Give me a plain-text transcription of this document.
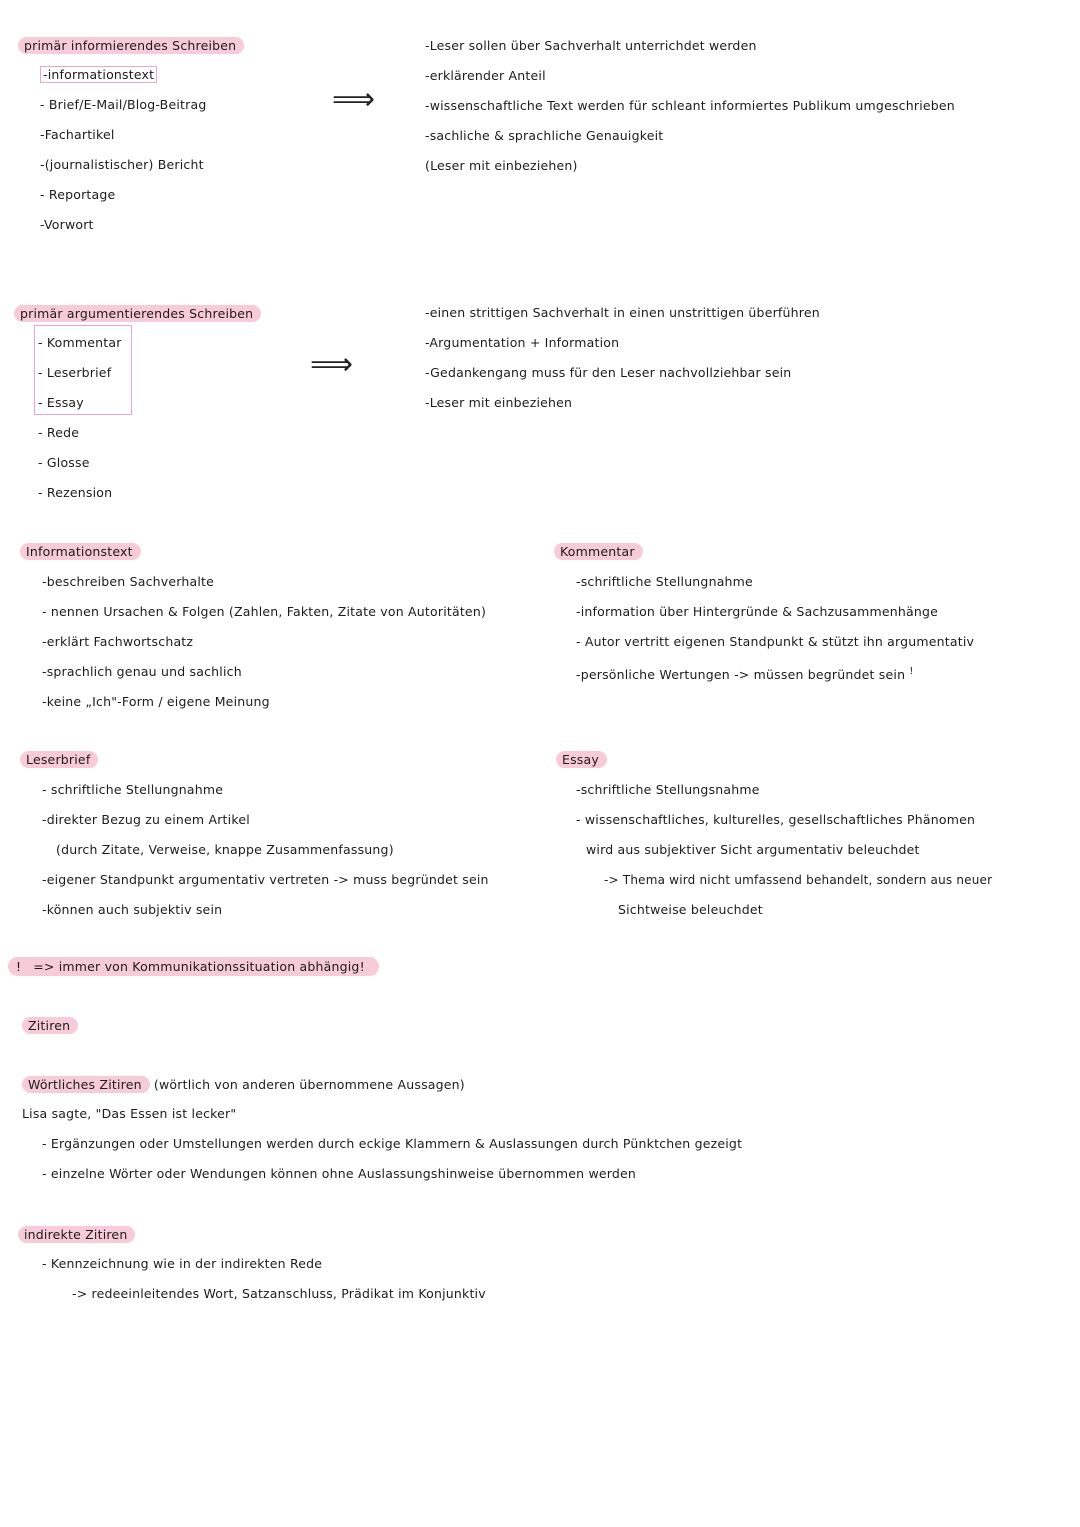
primär informierendes Schreiben
-informationstext
- Brief/E-Mail/Blog-Beitrag
-Fachartikel
-(journalistischer) Bericht
- Reportage
-Vorwort
⟹
-Leser sollen über Sachverhalt unterrichdet werden
-erklärender Anteil
-wissenschaftliche Text werden für schleant informiertes Publikum umgeschrieben
-sachliche & sprachliche Genauigkeit
(Leser mit einbeziehen)
primär argumentierendes Schreiben
- Kommentar
- Leserbrief
- Essay
- Rede
- Glosse
- Rezension
⟹
-einen strittigen Sachverhalt in einen unstrittigen überführen
-Argumentation + Information
-Gedankengang muss für den Leser nachvollziehbar sein
-Leser mit einbeziehen
Informationstext
-beschreiben Sachverhalte
- nennen Ursachen & Folgen (Zahlen, Fakten, Zitate von Autoritäten)
-erklärt Fachwortschatz
-sprachlich genau und sachlich
-keine „Ich"-Form / eigene Meinung
Kommentar
-schriftliche Stellungnahme
-information über Hintergründe & Sachzusammenhänge
- Autor vertritt eigenen Standpunkt & stützt ihn argumentativ
-persönliche Wertungen -> müssen begründet sein !
Leserbrief
- schriftliche Stellungnahme
-direkter Bezug zu einem Artikel
(durch Zitate, Verweise, knappe Zusammenfassung)
-eigener Standpunkt argumentativ vertreten -> muss begründet sein
-können auch subjektiv sein
Essay
-schriftliche Stellungsnahme
- wissenschaftliches, kulturelles, gesellschaftliches Phänomen
wird aus subjektiver Sicht argumentativ beleuchdet
-> Thema wird nicht umfassend behandelt, sondern aus neuer
Sichtweise beleuchdet
! => immer von Kommunikationssituation abhängig!
Zitiren
Wörtliches Zitiren (wörtlich von anderen übernommene Aussagen)
Lisa sagte, "Das Essen ist lecker"
- Ergänzungen oder Umstellungen werden durch eckige Klammern & Auslassungen durch Pünktchen gezeigt
- einzelne Wörter oder Wendungen können ohne Auslassungshinweise übernommen werden
indirekte Zitiren
- Kennzeichnung wie in der indirekten Rede
-> redeeinleitendes Wort, Satzanschluss, Prädikat im Konjunktiv
